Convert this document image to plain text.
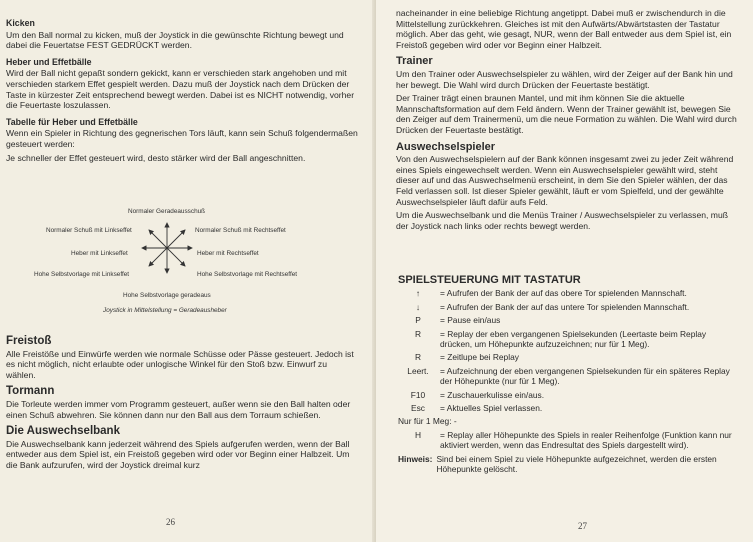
Kicken

Um den Ball normal zu kicken, muß der Joystick in die gewünschte Richtung bewegt und dabei die Feuertatse FEST GEDRÜCKT werden.

Heber und Effetbälle

Wird der Ball nicht gepaßt sondern gekickt, kann er verschieden stark angehoben und mit verschieden starkem Effet gespielt werden. Dazu muß der Joystick nach dem Drücken der Taste in kürzester Zeit entsprechend bewegt werden. Dabei ist es NICHT notwendig, vorher die Feuertaste loszulassen.

Tabelle für Heber und Effetbälle

Wenn ein Spieler in Richtung des gegnerischen Tors läuft, kann sein Schuß folgendermaßen gesteuert werden:

Je schneller der Effet gesteuert wird, desto stärker wird der Ball angeschnitten.

Normaler Geradeausschuß
Normaler Schuß mit Linkseffet	Normaler Schuß mit Rechtseffet
Heber mit Linkseffet	Heber mit Rechtseffet
Hohe Selbstvorlage mit Linkseffet	Hohe Selbstvorlage mit Rechtseffet
Hohe Selbstvorlage geradeaus
Joystick in Mittelstellung = Geradeausheber
Freistoß

Alle Freistöße und Einwürfe werden wie normale Schüsse oder Pässe gesteuert. Jedoch ist es nicht möglich, nicht erlaubte oder unlogische Winkel für den Stoß bzw. Einwurf zu wählen.

Tormann

Die Torleute werden immer vom Programm gesteuert, außer wenn sie den Ball halten oder einen Schuß abwehren. Sie können dann nur den Ball aus dem Torraum schießen.

Die Auswechselbank

Die Auswechselbank kann jederzeit während des Spiels aufgerufen werden, wenn der Ball entweder aus dem Spiel ist, ein Freistoß gegeben wird oder vor Beginn einer Halbzeit. Um die Bank aufzurufen, wird der Joystick dreimal kurz

26

nacheinander in eine beliebige Richtung angetippt. Dabei muß er zwischendurch in die Mittelstellung zurückkehren. Gleiches ist mit den Aufwärts/Abwärtstasten der Tastatur möglich. Aber das geht, wie gesagt, NUR, wenn der Ball entweder aus dem Spiel ist, ein Freistoß gegeben wird oder vor Beginn einer Halbzeit.

Trainer

Um den Trainer oder Auswechselspieler zu wählen, wird der Zeiger auf der Bank hin und her bewegt. Die Wahl wird durch Drücken der Feuertaste bestätigt.

Der Trainer trägt einen braunen Mantel, und mit ihm können Sie die aktuelle Mannschaftsformation auf dem Feld ändern. Wenn der Trainer gewählt ist, bewegen Sie den Zeiger auf dem Trainermenü, um die neue Formation zu wählen. Die Wahl wird durch Drücken der Feuertaste bestätigt.

Auswechselspieler

Von den Auswechselspielern auf der Bank können insgesamt zwei zu jeder Zeit während eines Spiels eingewechselt werden. Wenn ein Auswechselspieler gewählt wird, steht dieser auf und das Auswechselmenü erscheint, in dem Sie den Spieler wählen, der das Feld verlassen soll. Ist dieser Spieler gewählt, läuft er vom Spielfeld, und der gewählte Auswechselspieler läuft dafür aufs Feld.

Um die Auswechselbank und die Menüs Trainer / Auswechselspieler zu verlassen, muß der Joystick nach links oder rechts bewegt werden.

SPIELSTEUERUNG MIT TASTATUR
↑	= Aufrufen der Bank der auf das obere Tor spielenden Mannschaft.
↓	= Aufrufen der Bank der auf das untere Tor spielenden Mannschaft.
P	= Pause ein/aus
R	= Replay der eben vergangenen Spielsekunden (Leertaste beim Replay drücken, um Höhepunkte aufzuzeichnen; nur für 1 Meg).
R	= Zeitlupe bei Replay
Leert.	= Aufzeichnung der eben vergangenen Spielsekunden für ein späteres Replay der Höhepunkte (nur für 1 Meg).
F10	= Zuschauerkulisse ein/aus.
Esc	= Aktuelles Spiel verlassen.
Nur für 1 Meg: -
H	= Replay aller Höhepunkte des Spiels in realer Reihenfolge (Funktion kann nur aktiviert werden, wenn das Endresultat des Spiels dargestellt wird).
Hinweis: Sind bei einem Spiel zu viele Höhepunkte aufgezeichnet, werden die ersten Höhepunkte gelöscht.
27
